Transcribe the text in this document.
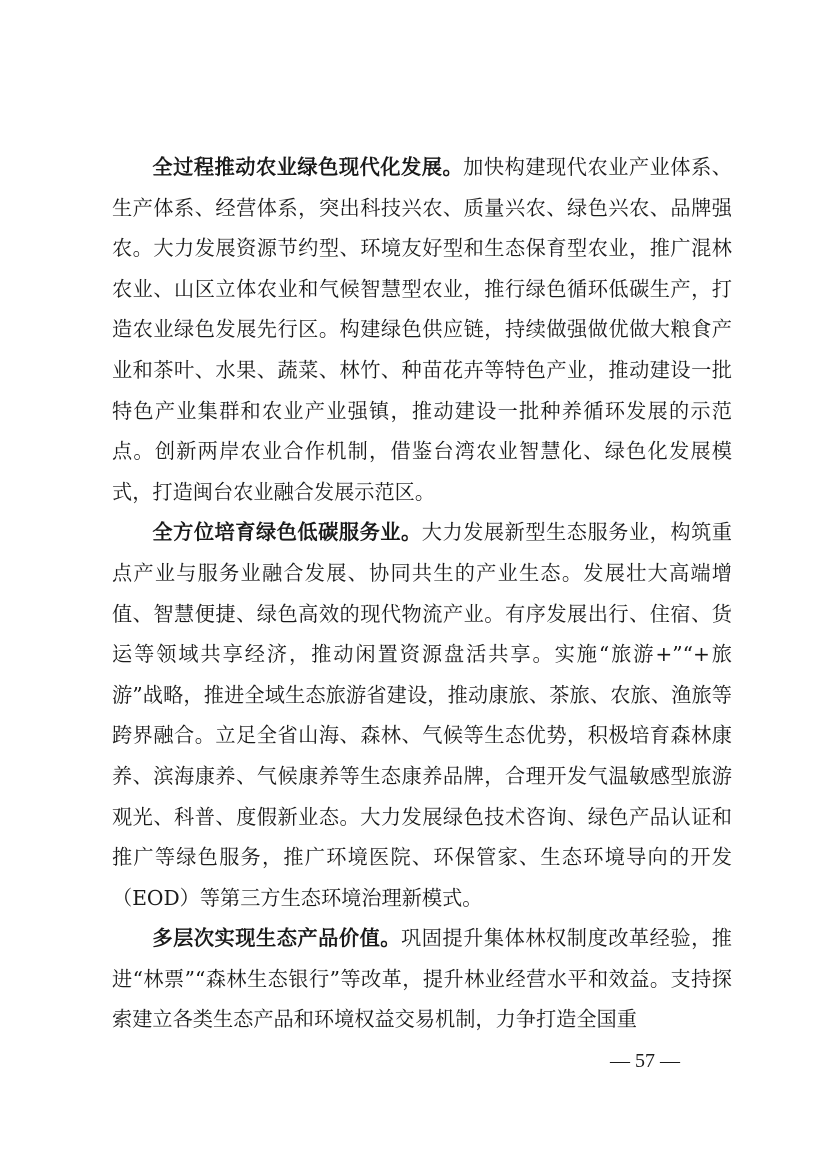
全过程推动农业绿色现代化发展。加快构建现代农业产业体系、生产体系、经营体系，突出科技兴农、质量兴农、绿色兴农、品牌强农。大力发展资源节约型、环境友好型和生态保育型农业，推广混林农业、山区立体农业和气候智慧型农业，推行绿色循环低碳生产，打造农业绿色发展先行区。构建绿色供应链，持续做强做优做大粮食产业和茶叶、水果、蔬菜、林竹、种苗花卉等特色产业，推动建设一批特色产业集群和农业产业强镇，推动建设一批种养循环发展的示范点。创新两岸农业合作机制，借鉴台湾农业智慧化、绿色化发展模式，打造闽台农业融合发展示范区。

全方位培育绿色低碳服务业。大力发展新型生态服务业，构筑重点产业与服务业融合发展、协同共生的产业生态。发展壮大高端增值、智慧便捷、绿色高效的现代物流产业。有序发展出行、住宿、货运等领域共享经济，推动闲置资源盘活共享。实施“旅游+”“+旅游”战略，推进全域生态旅游省建设，推动康旅、茶旅、农旅、渔旅等跨界融合。立足全省山海、森林、气候等生态优势，积极培育森林康养、滨海康养、气候康养等生态康养品牌，合理开发气温敏感型旅游观光、科普、度假新业态。大力发展绿色技术咨询、绿色产品认证和推广等绿色服务，推广环境医院、环保管家、生态环境导向的开发（EOD）等第三方生态环境治理新模式。

多层次实现生态产品价值。巩固提升集体林权制度改革经验，推进“林票”“森林生态银行”等改革，提升林业经营水平和效益。支持探索建立各类生态产品和环境权益交易机制，力争打造全国重

— 57 —
